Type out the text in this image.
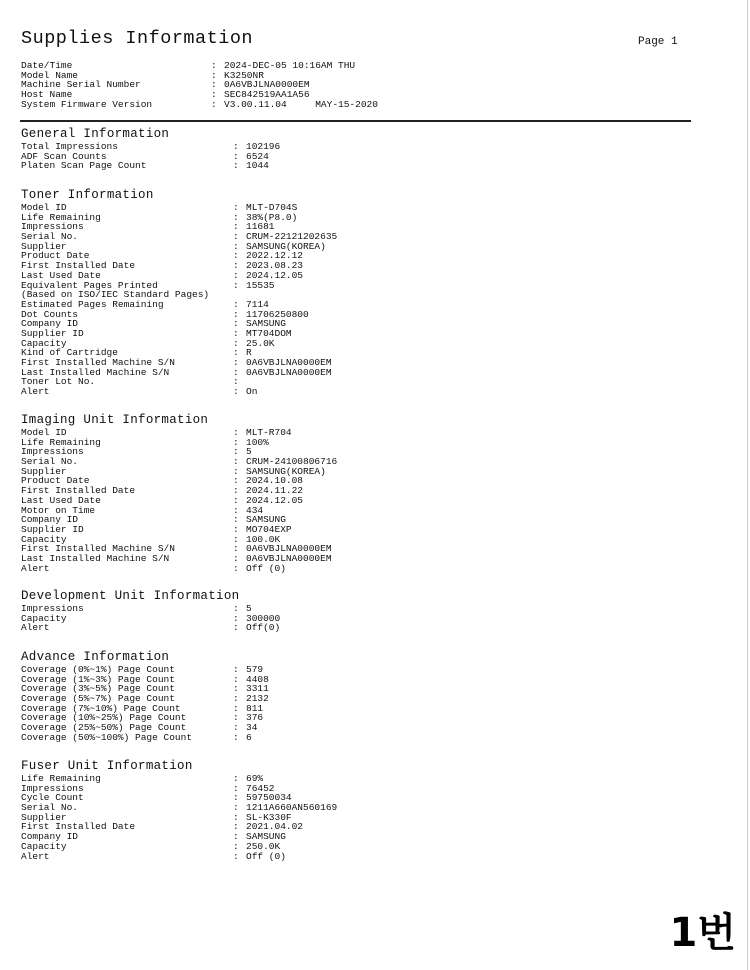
Supplies Information	Page 1
Date/Time	: 2024-DEC-05 10:16AM THU
Model Name	: K3250NR
Machine Serial Number	: 0A6VBJLNA0000EM
Host Name	: SEC842519AA1A56
System Firmware Version	: V3.00.11.04     MAY-15-2020
General Information
Total Impressions	: 102196
ADF Scan Counts	: 6524
Platen Scan Page Count	: 1044
Toner Information
Model ID	: MLT-D704S
Life Remaining	: 38%(P8.0)
Impressions	: 11681
Serial No.	: CRUM-22121202635
Supplier	: SAMSUNG(KOREA)
Product Date	: 2022.12.12
First Installed Date	: 2023.08.23
Last Used Date	: 2024.12.05
Equivalent Pages Printed	: 15535
(Based on ISO/IEC Standard Pages)
Estimated Pages Remaining	: 7114
Dot Counts	: 11706250800
Company ID	: SAMSUNG
Supplier ID	: MT704DOM
Capacity	: 25.0K
Kind of Cartridge	: R
First Installed Machine S/N	: 0A6VBJLNA0000EM
Last Installed Machine S/N	: 0A6VBJLNA0000EM
Toner Lot No.	:
Alert	: On
Imaging Unit Information
Model ID	: MLT-R704
Life Remaining	: 100%
Impressions	: 5
Serial No.	: CRUM-24100806716
Supplier	: SAMSUNG(KOREA)
Product Date	: 2024.10.08
First Installed Date	: 2024.11.22
Last Used Date	: 2024.12.05
Motor on Time	: 434
Company ID	: SAMSUNG
Supplier ID	: MO704EXP
Capacity	: 100.0K
First Installed Machine S/N	: 0A6VBJLNA0000EM
Last Installed Machine S/N	: 0A6VBJLNA0000EM
Alert	: Off (0)
Development Unit Information
Impressions	: 5
Capacity	: 300000
Alert	: Off(0)
Advance Information
Coverage (0%~1%) Page Count	: 579
Coverage (1%~3%) Page Count	: 4408
Coverage (3%~5%) Page Count	: 3311
Coverage (5%~7%) Page Count	: 2132
Coverage (7%~10%) Page Count	: 811
Coverage (10%~25%) Page Count	: 376
Coverage (25%~50%) Page Count	: 34
Coverage (50%~100%) Page Count	: 6
Fuser Unit Information
Life Remaining	: 69%
Impressions	: 76452
Cycle Count	: 59750034
Serial No.	: 1211A660AN560169
Supplier	: SL-K330F
First Installed Date	: 2021.04.02
Company ID	: SAMSUNG
Capacity	: 250.0K
Alert	: Off (0)
1번
